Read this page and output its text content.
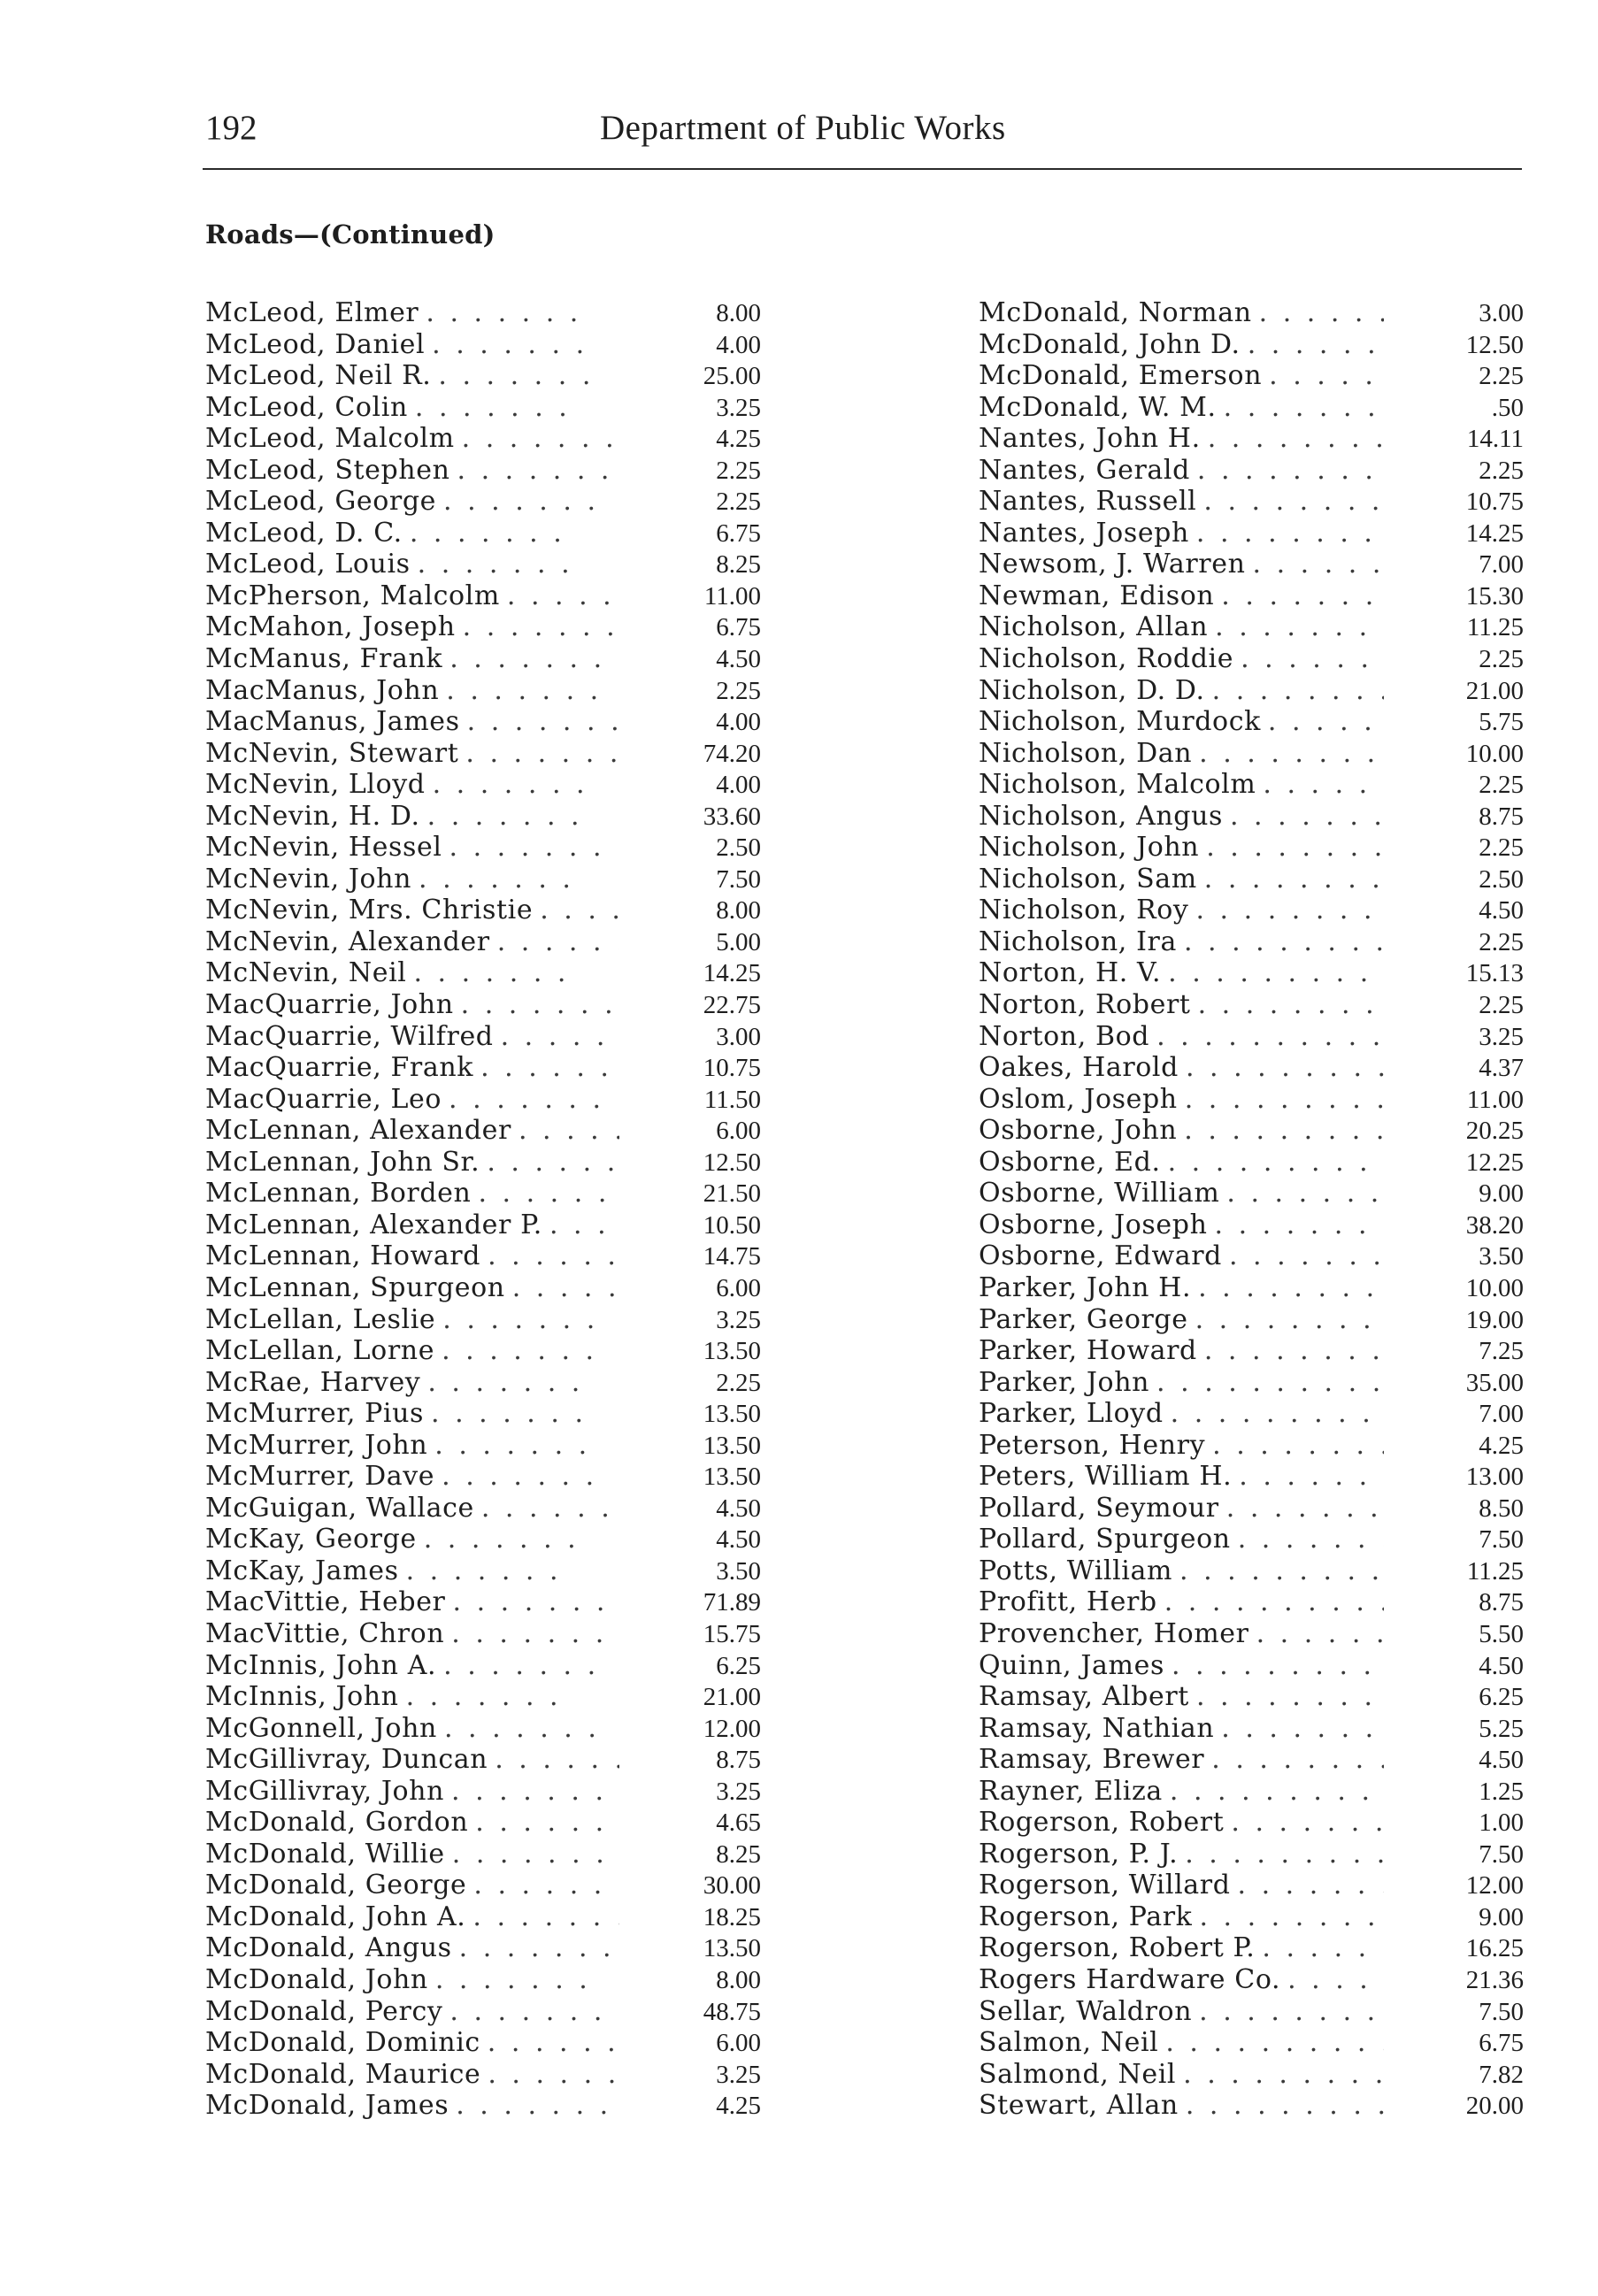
192	Department of Public Works
Roads—(Continued)
McLeod, Elmer . . .	8.00
McLeod, Daniel . . .	4.00
McLeod, Neil R. . . .	25.00
McLeod, Colin . . .	3.25
McLeod, Malcolm . . .	4.25
McLeod, Stephen . . .	2.25
McLeod, George . . .	2.25
McLeod, D. C. . . .	6.75
McLeod, Louis . . .	8.25
McPherson, Malcolm . . .	11.00
McMahon, Joseph . . .	6.75
McManus, Frank . . .	4.50
MacManus, John . . .	2.25
MacManus, James . . .	4.00
McNevin, Stewart . . .	74.20
McNevin, Lloyd . . .	4.00
McNevin, H. D. . . .	33.60
McNevin, Hessel . . .	2.50
McNevin, John . . .	7.50
McNevin, Mrs. Christie . . .	8.00
McNevin, Alexander . . .	5.00
McNevin, Neil . . .	14.25
MacQuarrie, John . . .	22.75
MacQuarrie, Wilfred . . .	3.00
MacQuarrie, Frank . . .	10.75
MacQuarrie, Leo . . .	11.50
McLennan, Alexander . . .	6.00
McLennan, John Sr. . . .	12.50
McLennan, Borden . . .	21.50
McLennan, Alexander P. . . .	10.50
McLennan, Howard . . .	14.75
McLennan, Spurgeon . . .	6.00
McLellan, Leslie . . .	3.25
McLellan, Lorne . . .	13.50
McRae, Harvey . . .	2.25
McMurrer, Pius . . .	13.50
McMurrer, John . . .	13.50
McMurrer, Dave . . .	13.50
McGuigan, Wallace . . .	4.50
McKay, George . . .	4.50
McKay, James . . .	3.50
MacVittie, Heber . . .	71.89
MacVittie, Chron . . .	15.75
McInnis, John A. . . .	6.25
McInnis, John . . .	21.00
McGonnell, John . . .	12.00
McGillivray, Duncan . . .	8.75
McGillivray, John . . .	3.25
McDonald, Gordon . . .	4.65
McDonald, Willie . . .	8.25
McDonald, George . . .	30.00
McDonald, John A. . . .	18.25
McDonald, Angus . . .	13.50
McDonald, John . . .	8.00
McDonald, Percy . . .	48.75
McDonald, Dominic . . .	6.00
McDonald, Maurice . . .	3.25
McDonald, James . . .	4.25
McDonald, Norman . . .	3.00
McDonald, John D. . . .	12.50
McDonald, Emerson . . .	2.25
McDonald, W. M. . . .	.50
Nantes, John H. . . .	14.11
Nantes, Gerald . . .	2.25
Nantes, Russell . . .	10.75
Nantes, Joseph . . .	14.25
Newsom, J. Warren . . .	7.00
Newman, Edison . . .	15.30
Nicholson, Allan . . .	11.25
Nicholson, Roddie . . .	2.25
Nicholson, D. D. . . .	21.00
Nicholson, Murdock . . .	5.75
Nicholson, Dan . . .	10.00
Nicholson, Malcolm . . .	2.25
Nicholson, Angus . . .	8.75
Nicholson, John . . .	2.25
Nicholson, Sam . . .	2.50
Nicholson, Roy . . .	4.50
Nicholson, Ira . . .	2.25
Norton, H. V. . . .	15.13
Norton, Robert . . .	2.25
Norton, Bod . . .	3.25
Oakes, Harold . . .	4.37
Oslom, Joseph . . .	11.00
Osborne, John . . .	20.25
Osborne, Ed. . . .	12.25
Osborne, William . . .	9.00
Osborne, Joseph . . .	38.20
Osborne, Edward . . .	3.50
Parker, John H. . . .	10.00
Parker, George . . .	19.00
Parker, Howard . . .	7.25
Parker, John . . .	35.00
Parker, Lloyd . . .	7.00
Peterson, Henry . . .	4.25
Peters, William H. . . .	13.00
Pollard, Seymour . . .	8.50
Pollard, Spurgeon . . .	7.50
Potts, William . . .	11.25
Profitt, Herb . . .	8.75
Provencher, Homer . . .	5.50
Quinn, James . . .	4.50
Ramsay, Albert . . .	6.25
Ramsay, Nathian . . .	5.25
Ramsay, Brewer . . .	4.50
Rayner, Eliza . . .	1.25
Rogerson, Robert . . .	1.00
Rogerson, P. J. . . .	7.50
Rogerson, Willard . . .	12.00
Rogerson, Park . . .	9.00
Rogerson, Robert P. . . .	16.25
Rogers Hardware Co. . . .	21.36
Sellar, Waldron . . .	7.50
Salmon, Neil . . .	6.75
Salmond, Neil . . .	7.82
Stewart, Allan . . .	20.00
